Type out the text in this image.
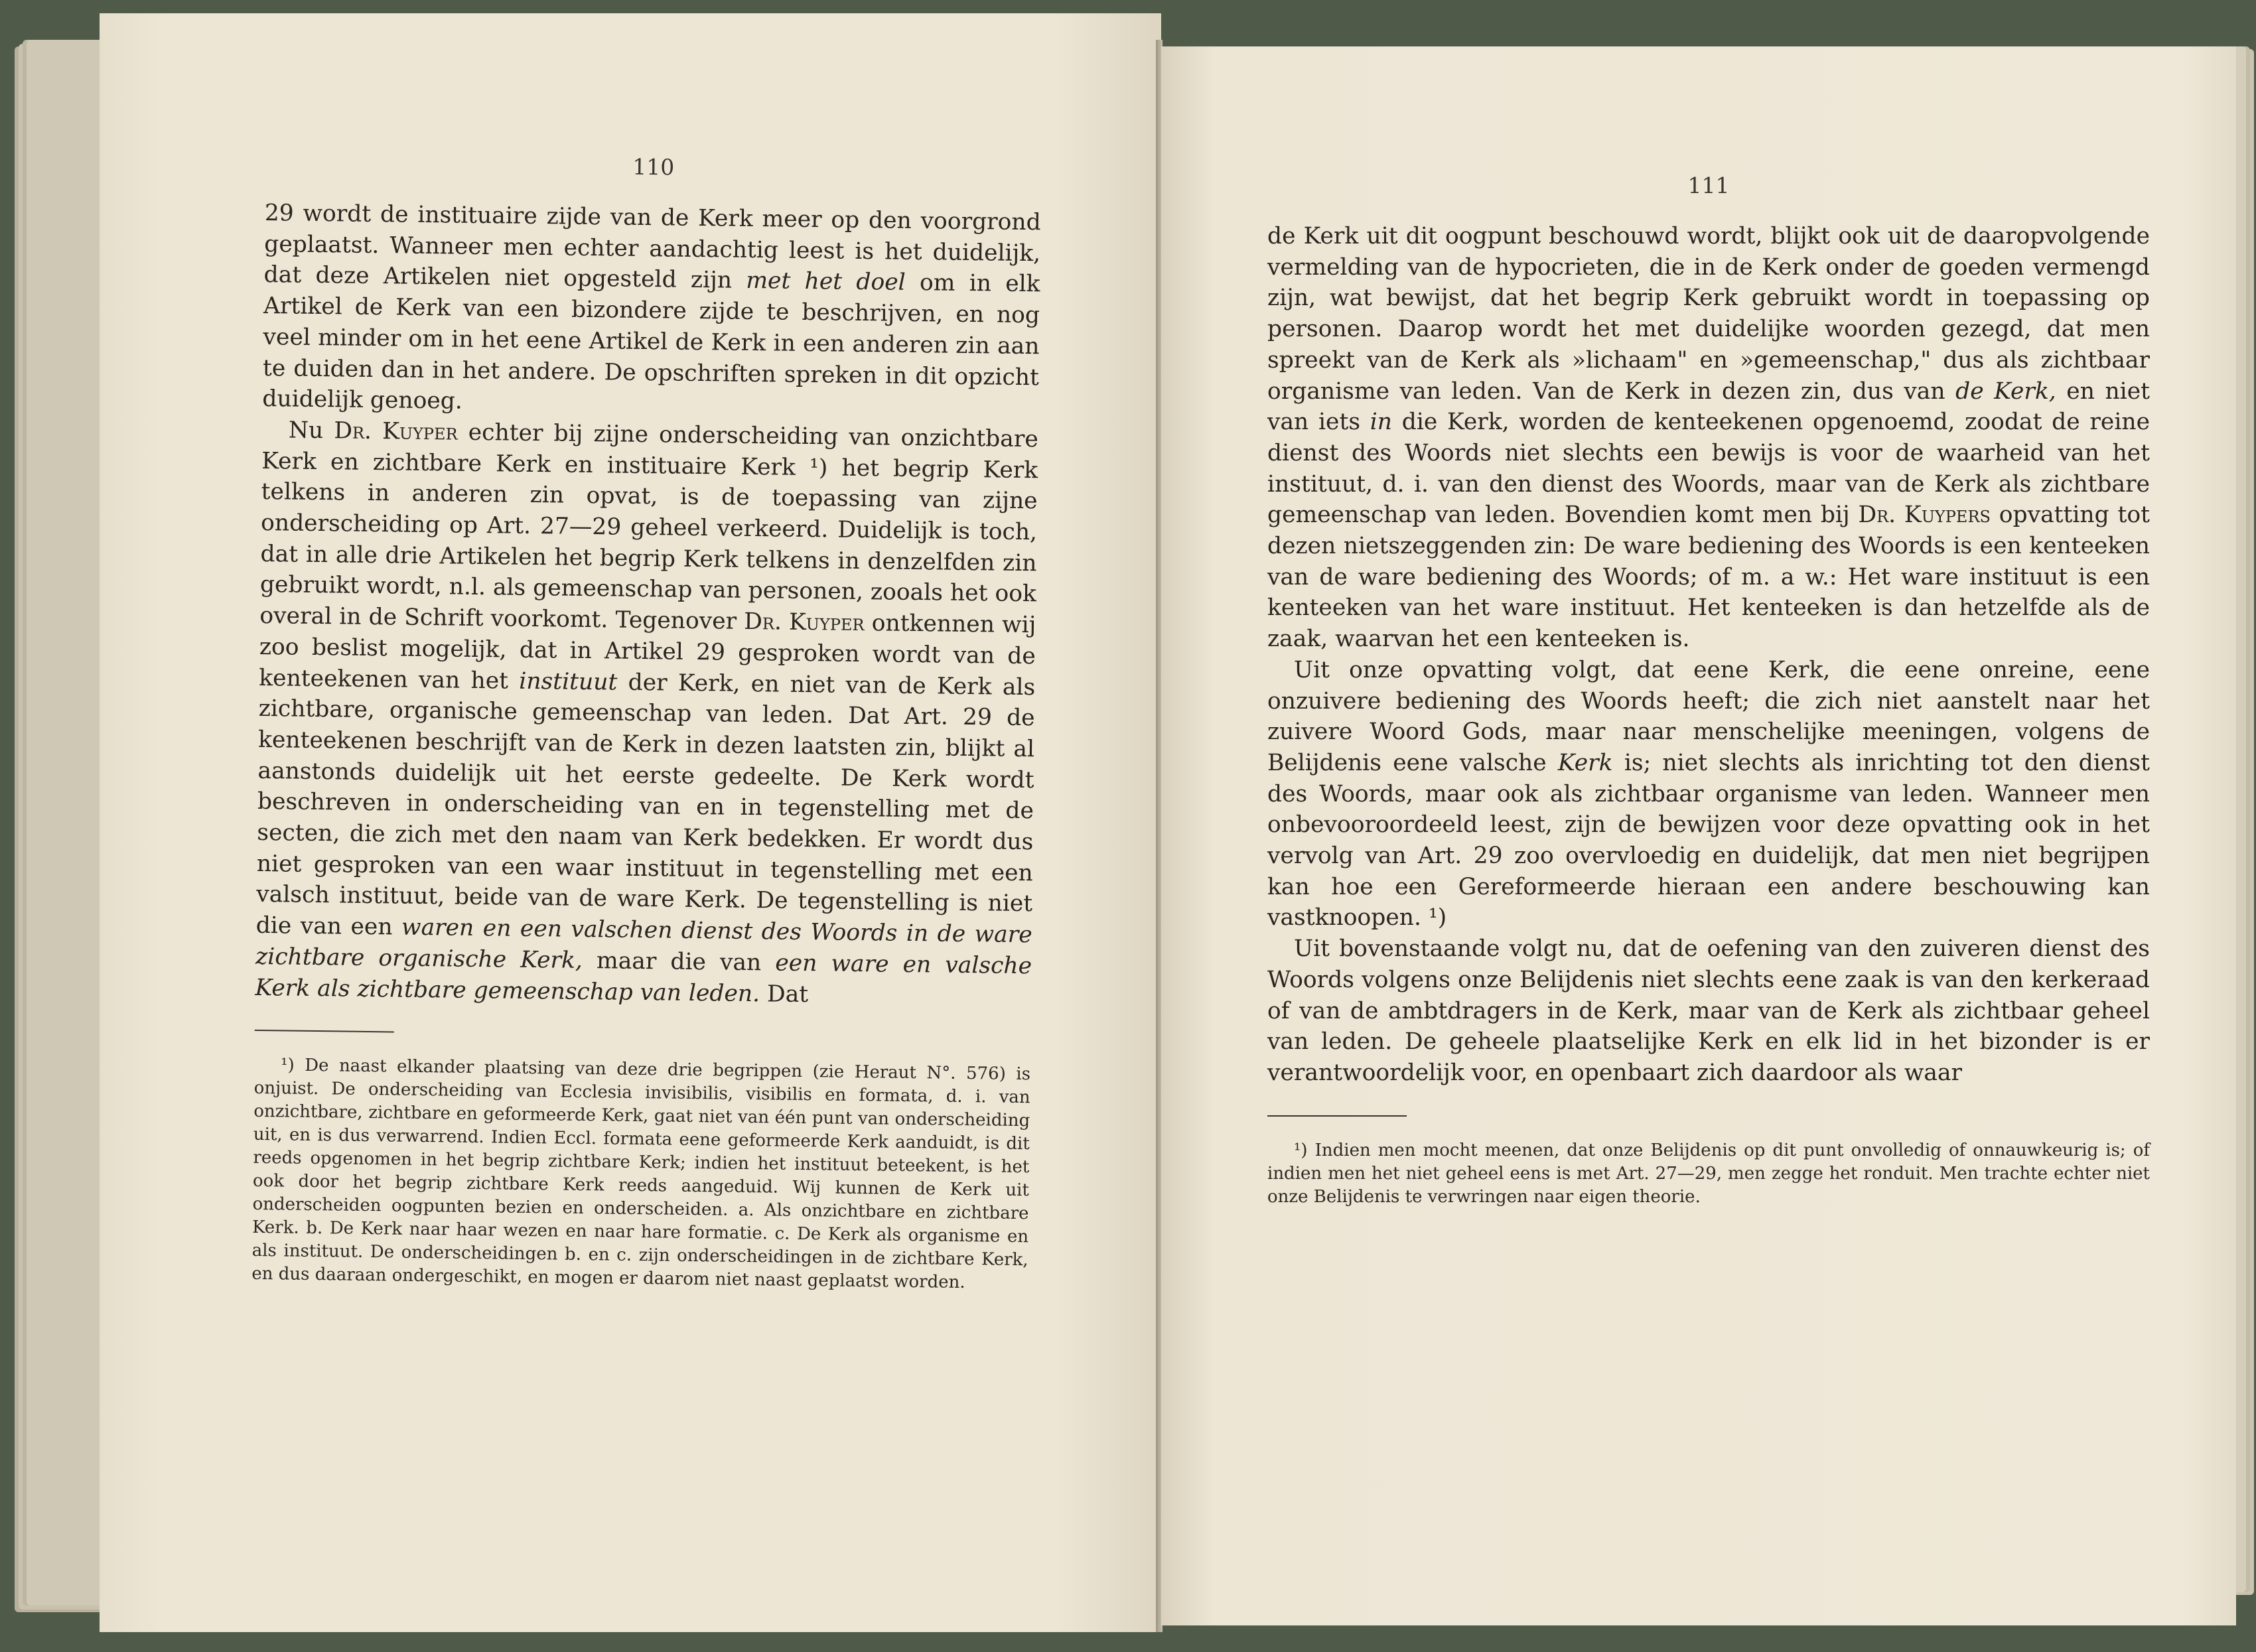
110

29 wordt de instituaire zijde van de Kerk meer op den voorgrond geplaatst. Wanneer men echter aandachtig leest is het duidelijk, dat deze Artikelen niet opgesteld zijn met het doel om in elk Artikel de Kerk van een bizondere zijde te beschrijven, en nog veel minder om in het eene Artikel de Kerk in een anderen zin aan te duiden dan in het andere. De opschriften spreken in dit opzicht duidelijk genoeg.

Nu Dr. Kuyper echter bij zijne onderscheiding van onzichtbare Kerk en zichtbare Kerk en instituaire Kerk ¹) het begrip Kerk telkens in anderen zin opvat, is de toepassing van zijne onderscheiding op Art. 27—29 geheel verkeerd. Duidelijk is toch, dat in alle drie Artikelen het begrip Kerk telkens in denzelfden zin gebruikt wordt, n.l. als gemeenschap van personen, zooals het ook overal in de Schrift voorkomt. Tegenover Dr. Kuyper ontkennen wij zoo beslist mogelijk, dat in Artikel 29 gesproken wordt van de kenteekenen van het instituut der Kerk, en niet van de Kerk als zichtbare, organische gemeenschap van leden. Dat Art. 29 de kenteekenen beschrijft van de Kerk in dezen laatsten zin, blijkt al aanstonds duidelijk uit het eerste gedeelte. De Kerk wordt beschreven in onderscheiding van en in tegenstelling met de secten, die zich met den naam van Kerk bedekken. Er wordt dus niet gesproken van een waar instituut in tegenstelling met een valsch instituut, beide van de ware Kerk. De tegenstelling is niet die van een waren en een valschen dienst des Woords in de ware zichtbare organische Kerk, maar die van een ware en valsche Kerk als zichtbare gemeenschap van leden. Dat

¹) De naast elkander plaatsing van deze drie begrippen (zie Heraut N°. 576) is onjuist. De onderscheiding van Ecclesia invisibilis, visibilis en formata, d. i. van onzichtbare, zichtbare en geformeerde Kerk, gaat niet van één punt van onderscheiding uit, en is dus verwarrend. Indien Eccl. formata eene geformeerde Kerk aanduidt, is dit reeds opgenomen in het begrip zichtbare Kerk; indien het instituut beteekent, is het ook door het begrip zichtbare Kerk reeds aangeduid. Wij kunnen de Kerk uit onderscheiden oogpunten bezien en onderscheiden. a. Als onzichtbare en zichtbare Kerk. b. De Kerk naar haar wezen en naar hare formatie. c. De Kerk als organisme en als instituut. De onderscheidingen b. en c. zijn onderscheidingen in de zichtbare Kerk, en dus daaraan ondergeschikt, en mogen er daarom niet naast geplaatst worden.

111

de Kerk uit dit oogpunt beschouwd wordt, blijkt ook uit de daaropvolgende vermelding van de hypocrieten, die in de Kerk onder de goeden vermengd zijn, wat bewijst, dat het begrip Kerk gebruikt wordt in toepassing op personen. Daarop wordt het met duidelijke woorden gezegd, dat men spreekt van de Kerk als »lichaam" en »gemeenschap," dus als zichtbaar organisme van leden. Van de Kerk in dezen zin, dus van de Kerk, en niet van iets in die Kerk, worden de kenteekenen opgenoemd, zoodat de reine dienst des Woords niet slechts een bewijs is voor de waarheid van het instituut, d. i. van den dienst des Woords, maar van de Kerk als zichtbare gemeenschap van leden. Bovendien komt men bij Dr. Kuypers opvatting tot dezen nietszeggenden zin: De ware bediening des Woords is een kenteeken van de ware bediening des Woords; of m. a w.: Het ware instituut is een kenteeken van het ware instituut. Het kenteeken is dan hetzelfde als de zaak, waarvan het een kenteeken is.

Uit onze opvatting volgt, dat eene Kerk, die eene onreine, eene onzuivere bediening des Woords heeft; die zich niet aanstelt naar het zuivere Woord Gods, maar naar menschelijke meeningen, volgens de Belijdenis eene valsche Kerk is; niet slechts als inrichting tot den dienst des Woords, maar ook als zichtbaar organisme van leden. Wanneer men onbevooroordeeld leest, zijn de bewijzen voor deze opvatting ook in het vervolg van Art. 29 zoo overvloedig en duidelijk, dat men niet begrijpen kan hoe een Gereformeerde hieraan een andere beschouwing kan vastknoopen. ¹)

Uit bovenstaande volgt nu, dat de oefening van den zuiveren dienst des Woords volgens onze Belijdenis niet slechts eene zaak is van den kerkeraad of van de ambtdragers in de Kerk, maar van de Kerk als zichtbaar geheel van leden. De geheele plaatselijke Kerk en elk lid in het bizonder is er verantwoordelijk voor, en openbaart zich daardoor als waar

¹) Indien men mocht meenen, dat onze Belijdenis op dit punt onvolledig of onnauwkeurig is; of indien men het niet geheel eens is met Art. 27—29, men zegge het ronduit. Men trachte echter niet onze Belijdenis te verwringen naar eigen theorie.
